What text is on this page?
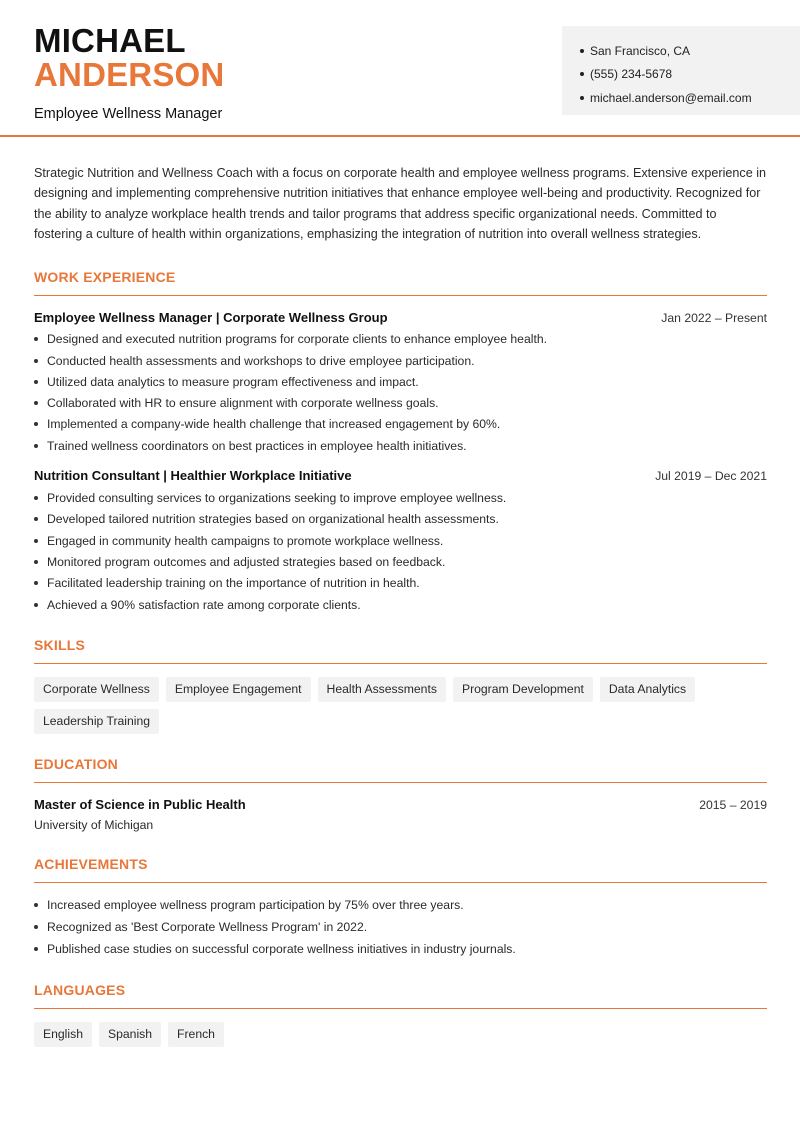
MICHAEL
ANDERSON
Employee Wellness Manager
San Francisco, CA
(555) 234-5678
michael.anderson@email.com

Strategic Nutrition and Wellness Coach with a focus on corporate health and employee wellness programs. Extensive experience in designing and implementing comprehensive nutrition initiatives that enhance employee well-being and productivity. Recognized for the ability to analyze workplace health trends and tailor programs that address specific organizational needs. Committed to fostering a culture of health within organizations, emphasizing the integration of nutrition into overall wellness strategies.

WORK EXPERIENCE
Employee Wellness Manager | Corporate Wellness Group	Jan 2022 – Present
Designed and executed nutrition programs for corporate clients to enhance employee health.
Conducted health assessments and workshops to drive employee participation.
Utilized data analytics to measure program effectiveness and impact.
Collaborated with HR to ensure alignment with corporate wellness goals.
Implemented a company-wide health challenge that increased engagement by 60%.
Trained wellness coordinators on best practices in employee health initiatives.
Nutrition Consultant | Healthier Workplace Initiative	Jul 2019 – Dec 2021
Provided consulting services to organizations seeking to improve employee wellness.
Developed tailored nutrition strategies based on organizational health assessments.
Engaged in community health campaigns to promote workplace wellness.
Monitored program outcomes and adjusted strategies based on feedback.
Facilitated leadership training on the importance of nutrition in health.
Achieved a 90% satisfaction rate among corporate clients.
SKILLS
Corporate Wellness	Employee Engagement	Health Assessments	Program Development	Data Analytics
Leadership Training
EDUCATION
Master of Science in Public Health	2015 – 2019
University of Michigan
ACHIEVEMENTS
Increased employee wellness program participation by 75% over three years.
Recognized as 'Best Corporate Wellness Program' in 2022.
Published case studies on successful corporate wellness initiatives in industry journals.
LANGUAGES
English	Spanish	French
